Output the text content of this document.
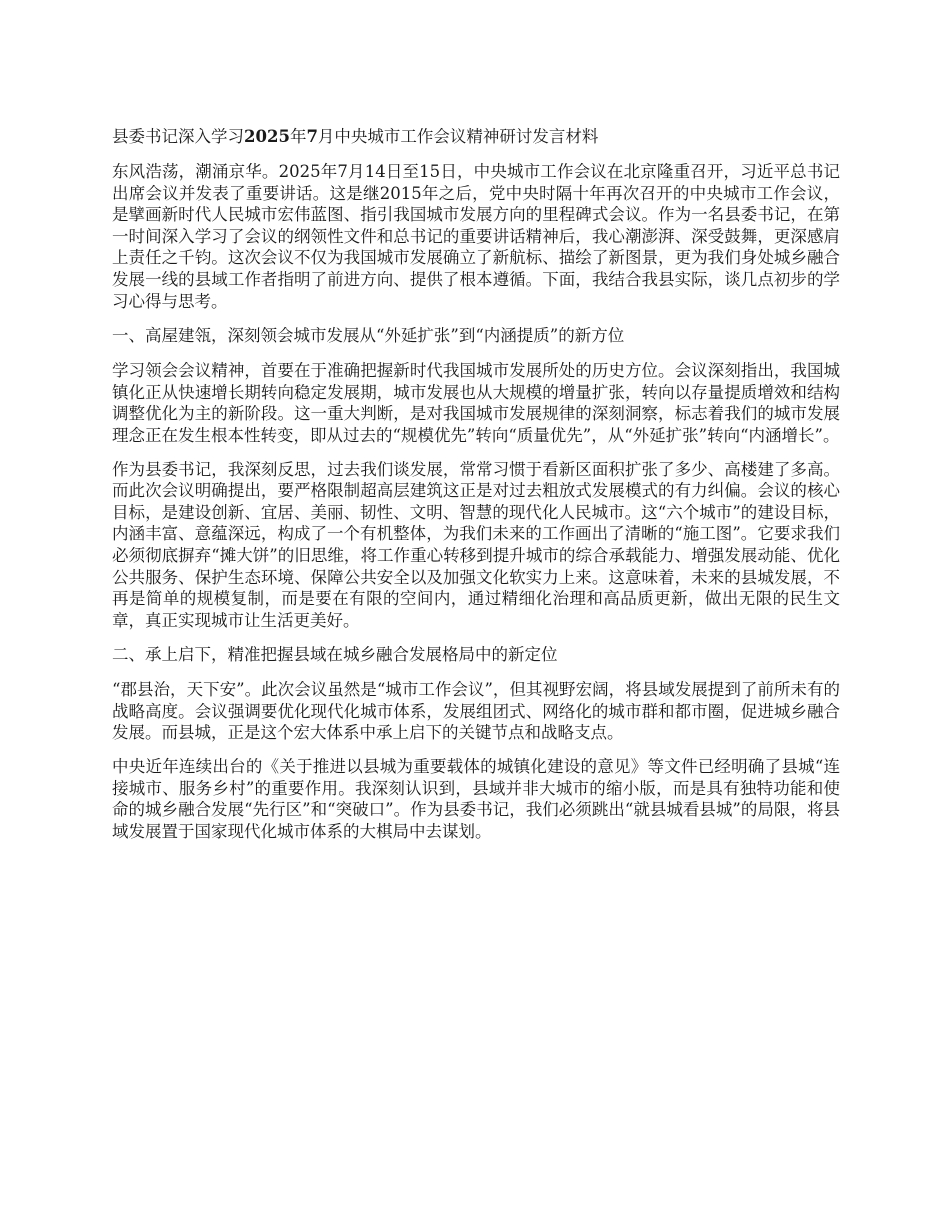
县委书记深入学习2025年7月中央城市工作会议精神研讨发言材料

东风浩荡，潮涌京华。2025年7月14日至15日，中央城市工作会议在北京隆重召开，习近平总书记出席会议并发表了重要讲话。这是继2015年之后，党中央时隔十年再次召开的中央城市工作会议，是擘画新时代人民城市宏伟蓝图、指引我国城市发展方向的里程碑式会议。作为一名县委书记，在第一时间深入学习了会议的纲领性文件和总书记的重要讲话精神后，我心潮澎湃、深受鼓舞，更深感肩上责任之千钧。这次会议不仅为我国城市发展确立了新航标、描绘了新图景，更为我们身处城乡融合发展一线的县域工作者指明了前进方向、提供了根本遵循。下面，我结合我县实际，谈几点初步的学习心得与思考。

一、高屋建瓴，深刻领会城市发展从“外延扩张”到“内涵提质”的新方位

学习领会会议精神，首要在于准确把握新时代我国城市发展所处的历史方位。会议深刻指出，我国城镇化正从快速增长期转向稳定发展期，城市发展也从大规模的增量扩张，转向以存量提质增效和结构调整优化为主的新阶段。这一重大判断，是对我国城市发展规律的深刻洞察，标志着我们的城市发展理念正在发生根本性转变，即从过去的“规模优先”转向“质量优先”，从“外延扩张”转向“内涵增长”。

作为县委书记，我深刻反思，过去我们谈发展，常常习惯于看新区面积扩张了多少、高楼建了多高。而此次会议明确提出，要严格限制超高层建筑这正是对过去粗放式发展模式的有力纠偏。会议的核心目标，是建设创新、宜居、美丽、韧性、文明、智慧的现代化人民城市。这“六个城市”的建设目标，内涵丰富、意蕴深远，构成了一个有机整体，为我们未来的工作画出了清晰的“施工图”。它要求我们必须彻底摒弃“摊大饼”的旧思维，将工作重心转移到提升城市的综合承载能力、增强发展动能、优化公共服务、保护生态环境、保障公共安全以及加强文化软实力上来。这意味着，未来的县城发展，不再是简单的规模复制，而是要在有限的空间内，通过精细化治理和高品质更新，做出无限的民生文章，真正实现城市让生活更美好。

二、承上启下，精准把握县域在城乡融合发展格局中的新定位

“郡县治，天下安”。此次会议虽然是“城市工作会议”，但其视野宏阔，将县域发展提到了前所未有的战略高度。会议强调要优化现代化城市体系，发展组团式、网络化的城市群和都市圈，促进城乡融合发展。而县城，正是这个宏大体系中承上启下的关键节点和战略支点。

中央近年连续出台的《关于推进以县城为重要载体的城镇化建设的意见》等文件已经明确了县城“连接城市、服务乡村”的重要作用。我深刻认识到，县域并非大城市的缩小版，而是具有独特功能和使命的城乡融合发展“先行区”和“突破口”。作为县委书记，我们必须跳出“就县城看县城”的局限，将县域发展置于国家现代化城市体系的大棋局中去谋划。
